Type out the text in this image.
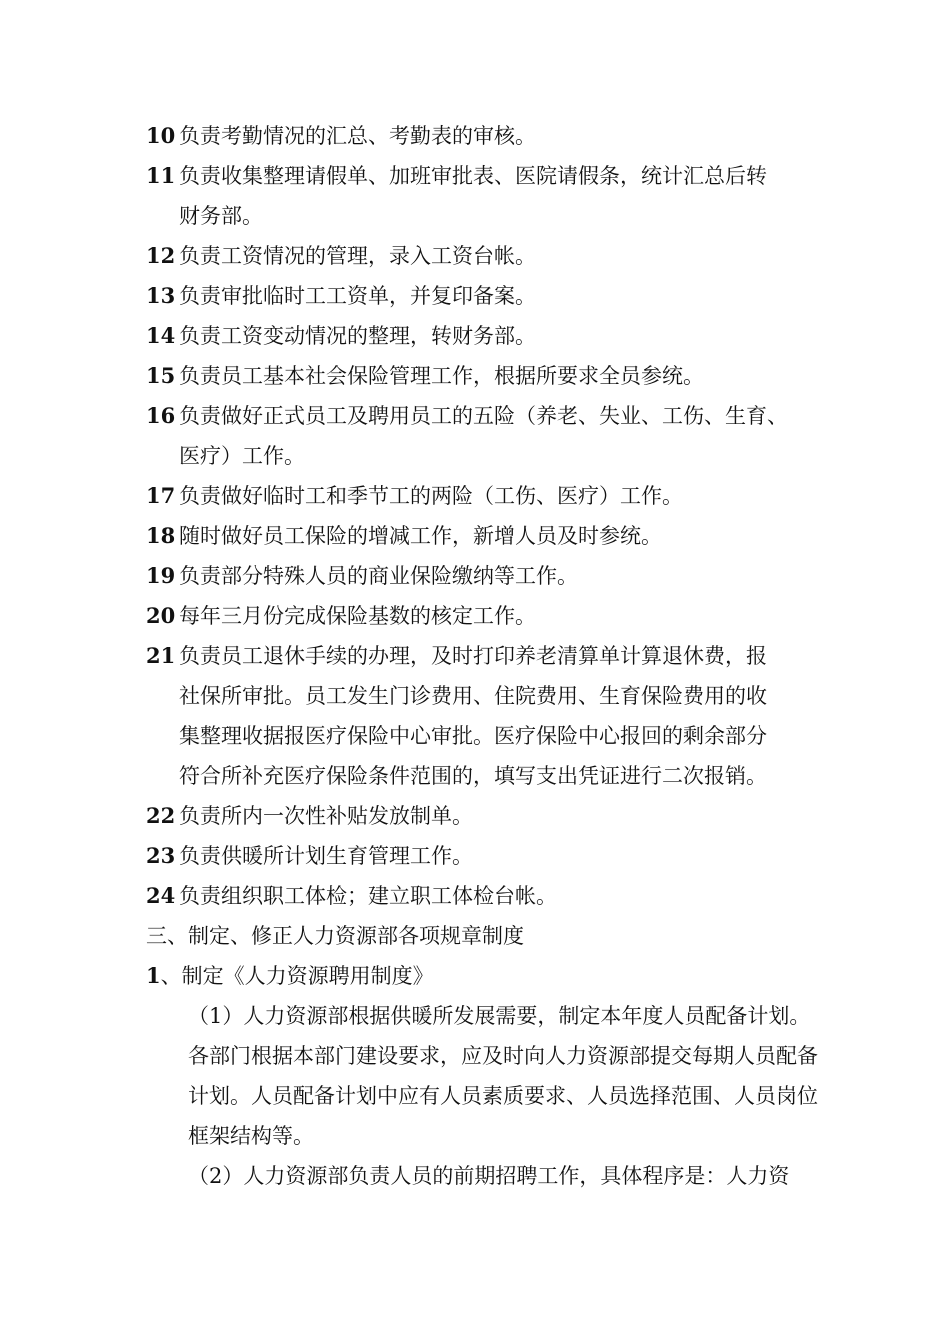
10 负责考勤情况的汇总、考勤表的审核。
11 负责收集整理请假单、加班审批表、医院请假条，统计汇总后转
财务部。
12 负责工资情况的管理，录入工资台帐。
13 负责审批临时工工资单，并复印备案。
14 负责工资变动情况的整理，转财务部。
15 负责员工基本社会保险管理工作，根据所要求全员参统。
16 负责做好正式员工及聘用员工的五险（养老、失业、工伤、生育、
医疗）工作。
17 负责做好临时工和季节工的两险（工伤、医疗）工作。
18 随时做好员工保险的增减工作，新增人员及时参统。
19 负责部分特殊人员的商业保险缴纳等工作。
20 每年三月份完成保险基数的核定工作。
21 负责员工退休手续的办理，及时打印养老清算单计算退休费，报
社保所审批。员工发生门诊费用、住院费用、生育保险费用的收
集整理收据报医疗保险中心审批。医疗保险中心报回的剩余部分
符合所补充医疗保险条件范围的，填写支出凭证进行二次报销。
22 负责所内一次性补贴发放制单。
23 负责供暖所计划生育管理工作。
24 负责组织职工体检；建立职工体检台帐。
三、制定、修正人力资源部各项规章制度
1、制定《人力资源聘用制度》
（1）人力资源部根据供暖所发展需要，制定本年度人员配备计划。
各部门根据本部门建设要求，应及时向人力资源部提交每期人员配备
计划。人员配备计划中应有人员素质要求、人员选择范围、人员岗位
框架结构等。
（2）人力资源部负责人员的前期招聘工作，具体程序是：人力资
